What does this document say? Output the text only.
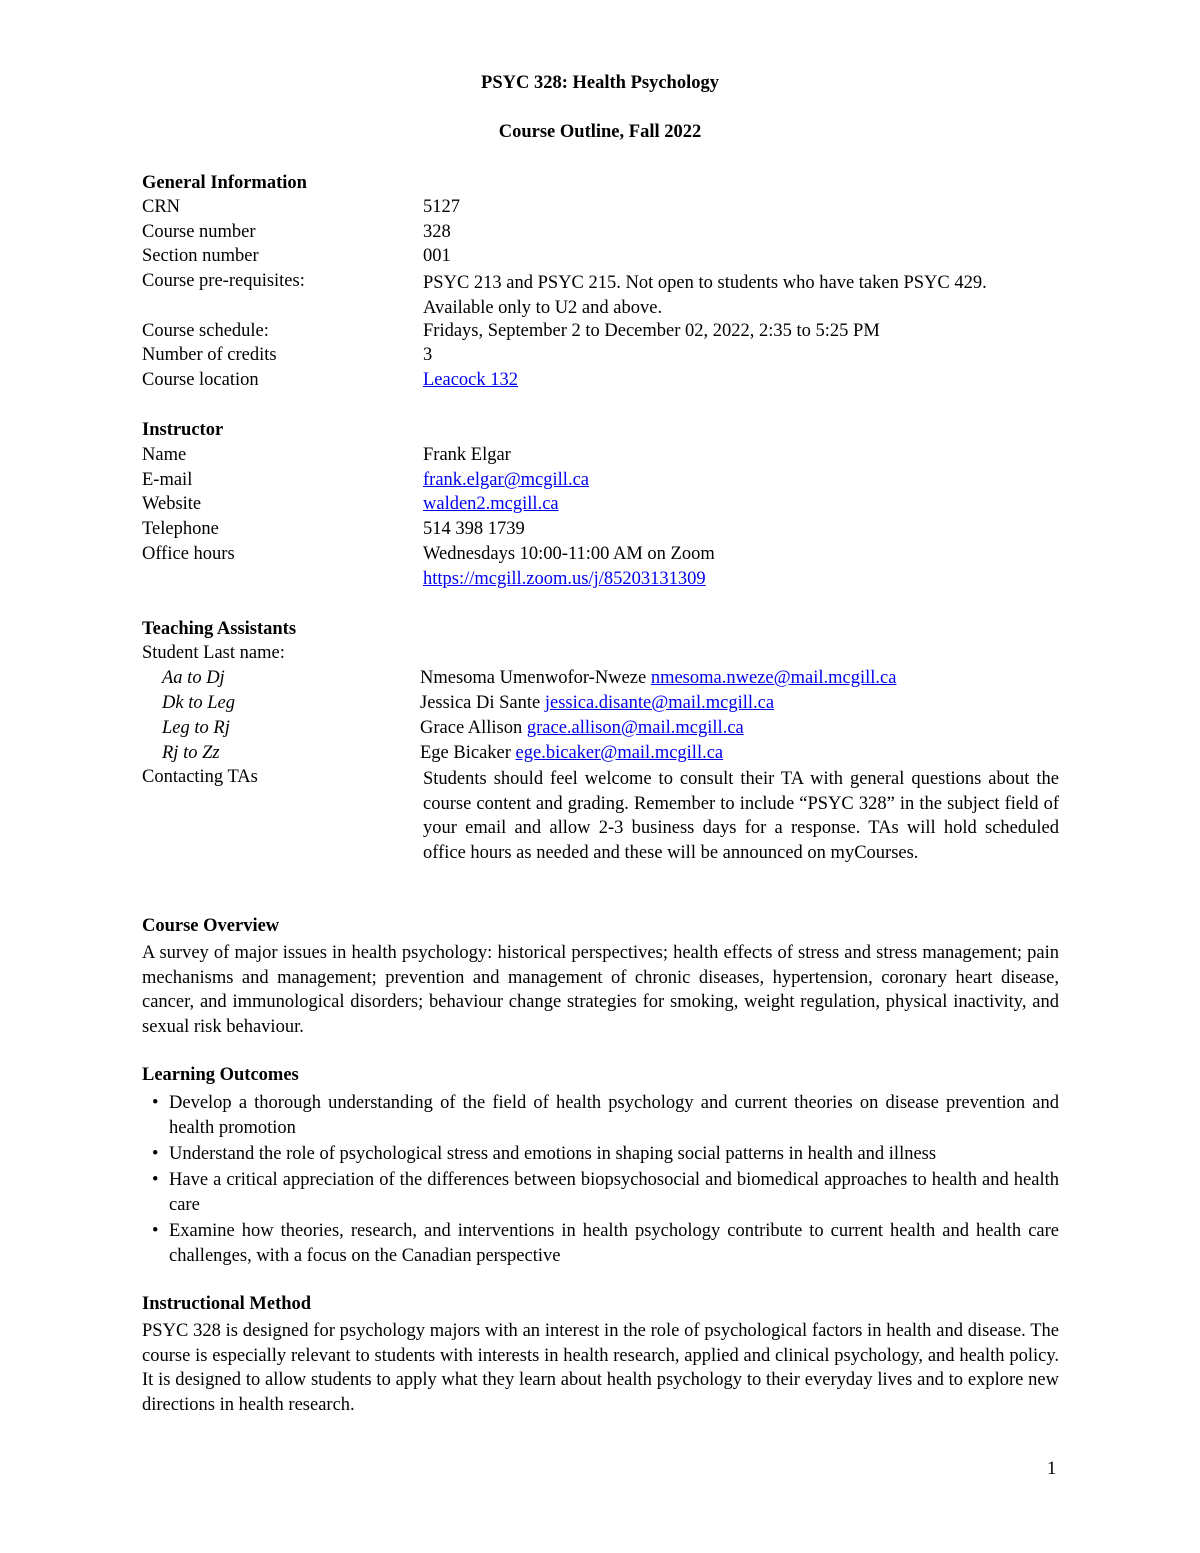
PSYC 328: Health Psychology
Course Outline, Fall 2022
General Information
CRN	5127
Course number	328
Section number	001
Course pre-requisites:	PSYC 213 and PSYC 215. Not open to students who have taken PSYC 429. Available only to U2 and above.
Course schedule:	Fridays, September 2 to December 02, 2022, 2:35 to 5:25 PM
Number of credits	3
Course location	Leacock 132
Instructor
Name	Frank Elgar
E-mail	frank.elgar@mcgill.ca
Website	walden2.mcgill.ca
Telephone	514 398 1739
Office hours	Wednesdays 10:00-11:00 AM on Zoom
https://mcgill.zoom.us/j/85203131309
Teaching Assistants
Student Last name:
Aa to Dj	Nmesoma Umenwofor-Nweze nmesoma.nweze@mail.mcgill.ca
Dk to Leg	Jessica Di Sante jessica.disante@mail.mcgill.ca
Leg to Rj	Grace Allison grace.allison@mail.mcgill.ca
Rj to Zz	Ege Bicaker ege.bicaker@mail.mcgill.ca
Contacting TAs	Students should feel welcome to consult their TA with general questions about the course content and grading. Remember to include “PSYC 328” in the subject field of your email and allow 2-3 business days for a response. TAs will hold scheduled office hours as needed and these will be announced on myCourses.
Course Overview
A survey of major issues in health psychology: historical perspectives; health effects of stress and stress management; pain mechanisms and management; prevention and management of chronic diseases, hypertension, coronary heart disease, cancer, and immunological disorders; behaviour change strategies for smoking, weight regulation, physical inactivity, and sexual risk behaviour.
Learning Outcomes
• Develop a thorough understanding of the field of health psychology and current theories on disease prevention and health promotion
• Understand the role of psychological stress and emotions in shaping social patterns in health and illness
• Have a critical appreciation of the differences between biopsychosocial and biomedical approaches to health and health care
• Examine how theories, research, and interventions in health psychology contribute to current health and health care challenges, with a focus on the Canadian perspective
Instructional Method
PSYC 328 is designed for psychology majors with an interest in the role of psychological factors in health and disease. The course is especially relevant to students with interests in health research, applied and clinical psychology, and health policy. It is designed to allow students to apply what they learn about health psychology to their everyday lives and to explore new directions in health research.
1
